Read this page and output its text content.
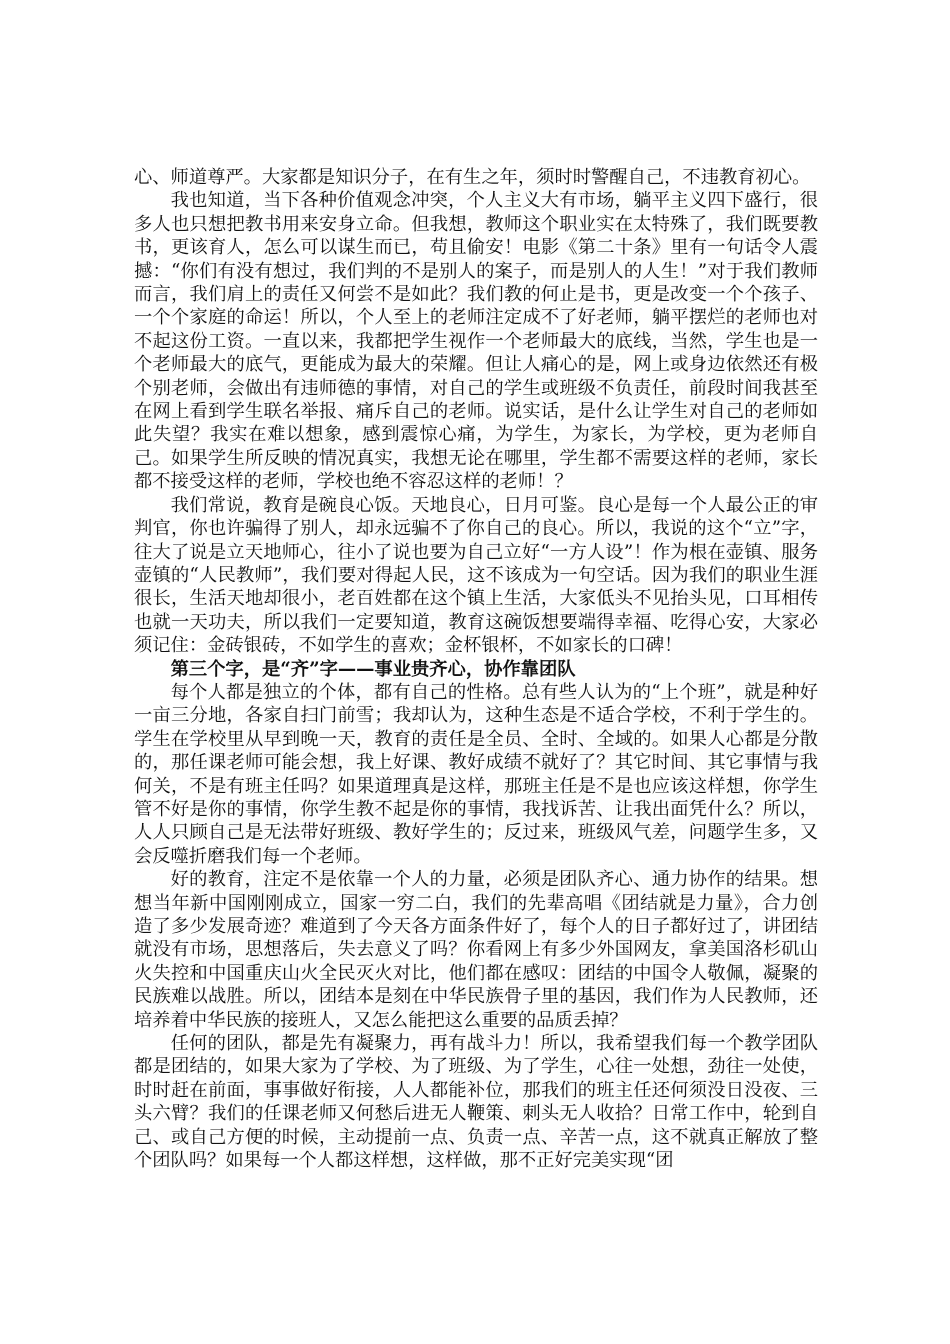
心、师道尊严。大家都是知识分子，在有生之年，须时时警醒自己，不违教育初心。

我也知道，当下各种价值观念冲突，个人主义大有市场，躺平主义四下盛行，很多人也只想把教书用来安身立命。但我想，教师这个职业实在太特殊了，我们既要教书，更该育人，怎么可以谋生而已，苟且偷安！电影《第二十条》里有一句话令人震撼：“你们有没有想过，我们判的不是别人的案子，而是别人的人生！”对于我们教师而言，我们肩上的责任又何尝不是如此？我们教的何止是书，更是改变一个个孩子、一个个家庭的命运！所以，个人至上的老师注定成不了好老师，躺平摆烂的老师也对不起这份工资。一直以来，我都把学生视作一个老师最大的底线，当然，学生也是一个老师最大的底气，更能成为最大的荣耀。但让人痛心的是，网上或身边依然还有极个别老师，会做出有违师德的事情，对自己的学生或班级不负责任，前段时间我甚至在网上看到学生联名举报、痛斥自己的老师。说实话，是什么让学生对自己的老师如此失望？我实在难以想象，感到震惊心痛，为学生，为家长，为学校，更为老师自己。如果学生所反映的情况真实，我想无论在哪里，学生都不需要这样的老师，家长都不接受这样的老师，学校也绝不容忍这样的老师！？

我们常说，教育是碗良心饭。天地良心，日月可鉴。良心是每一个人最公正的审判官，你也许骗得了别人，却永远骗不了你自己的良心。所以，我说的这个“立”字，往大了说是立天地师心，往小了说也要为自己立好“一方人设”！作为根在壶镇、服务壶镇的“人民教师”，我们要对得起人民，这不该成为一句空话。因为我们的职业生涯很长，生活天地却很小，老百姓都在这个镇上生活，大家低头不见抬头见，口耳相传也就一天功夫，所以我们一定要知道，教育这碗饭想要端得幸福、吃得心安，大家必须记住：金砖银砖，不如学生的喜欢；金杯银杯，不如家长的口碑！

第三个字，是“齐”字——事业贵齐心，协作靠团队

每个人都是独立的个体，都有自己的性格。总有些人认为的“上个班”，就是种好一亩三分地，各家自扫门前雪；我却认为，这种生态是不适合学校，不利于学生的。学生在学校里从早到晚一天，教育的责任是全员、全时、全域的。如果人心都是分散的，那任课老师可能会想，我上好课、教好成绩不就好了？其它时间、其它事情与我何关，不是有班主任吗？如果道理真是这样，那班主任是不是也应该这样想，你学生管不好是你的事情，你学生教不起是你的事情，我找诉苦、让我出面凭什么？所以，人人只顾自己是无法带好班级、教好学生的；反过来，班级风气差，问题学生多，又会反噬折磨我们每一个老师。

好的教育，注定不是依靠一个人的力量，必须是团队齐心、通力协作的结果。想想当年新中国刚刚成立，国家一穷二白，我们的先辈高唱《团结就是力量》，合力创造了多少发展奇迹？难道到了今天各方面条件好了，每个人的日子都好过了，讲团结就没有市场，思想落后，失去意义了吗？你看网上有多少外国网友，拿美国洛杉矶山火失控和中国重庆山火全民灭火对比，他们都在感叹：团结的中国令人敬佩，凝聚的民族难以战胜。所以，团结本是刻在中华民族骨子里的基因，我们作为人民教师，还培养着中华民族的接班人，又怎么能把这么重要的品质丢掉？

任何的团队，都是先有凝聚力，再有战斗力！所以，我希望我们每一个教学团队都是团结的，如果大家为了学校、为了班级、为了学生，心往一处想，劲往一处使，时时赶在前面，事事做好衔接，人人都能补位，那我们的班主任还何须没日没夜、三头六臂？我们的任课老师又何愁后进无人鞭策、刺头无人收拾？日常工作中，轮到自己、或自己方便的时候，主动提前一点、负责一点、辛苦一点，这不就真正解放了整个团队吗？如果每一个人都这样想，这样做，那不正好完美实现“团
